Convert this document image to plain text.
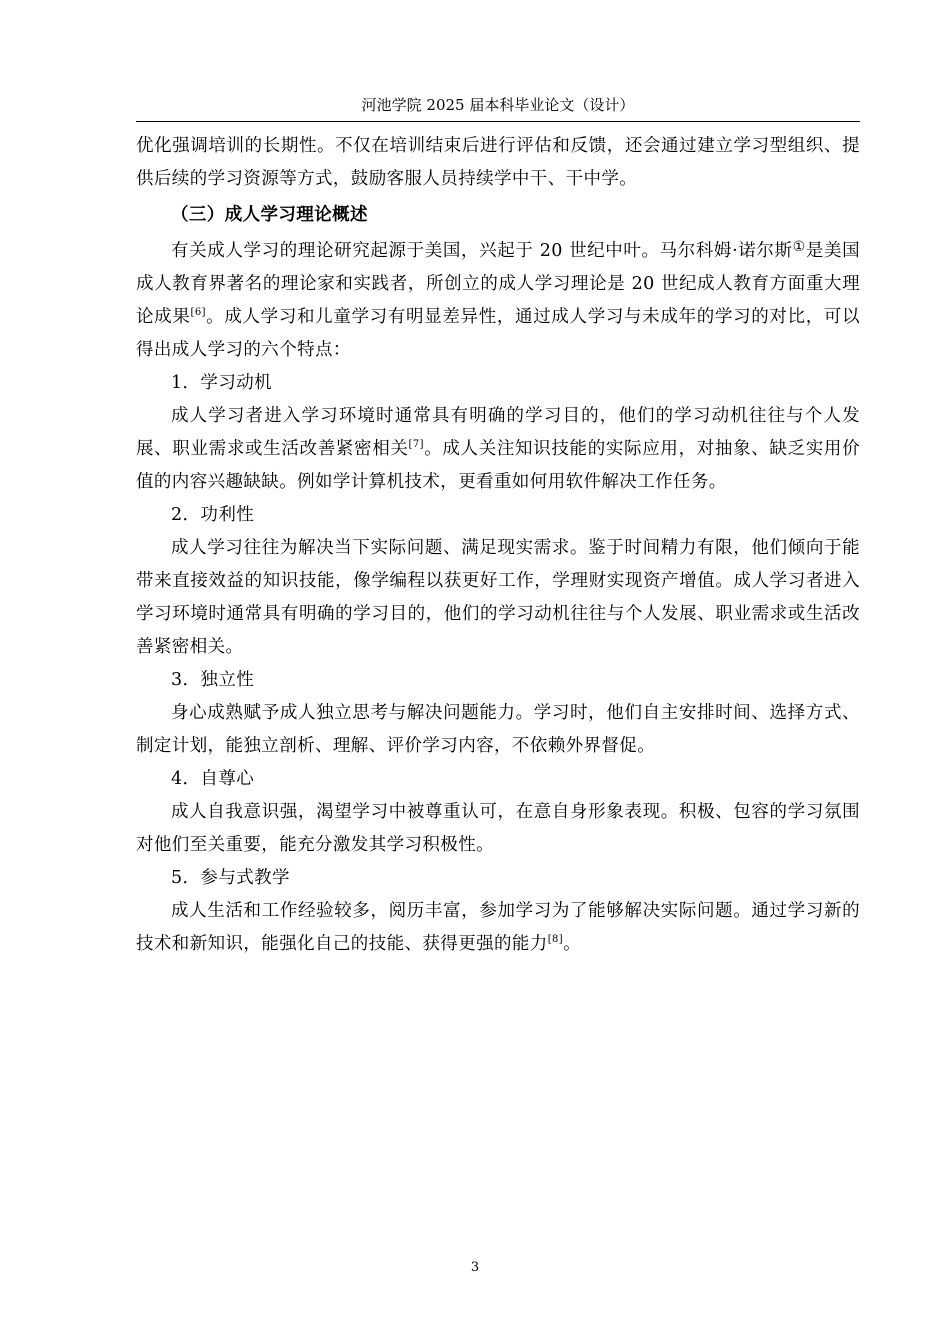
河池学院 2025 届本科毕业论文（设计）

优化强调培训的长期性。不仅在培训结束后进行评估和反馈，还会通过建立学习型组织、提供后续的学习资源等方式，鼓励客服人员持续学中干、干中学。

（三）成人学习理论概述

有关成人学习的理论研究起源于美国，兴起于 20 世纪中叶。马尔科姆·诺尔斯①是美国成人教育界著名的理论家和实践者，所创立的成人学习理论是 20 世纪成人教育方面重大理论成果[6]。成人学习和儿童学习有明显差异性，通过成人学习与未成年的学习的对比，可以得出成人学习的六个特点：

1．学习动机

成人学习者进入学习环境时通常具有明确的学习目的，他们的学习动机往往与个人发展、职业需求或生活改善紧密相关[7]。成人关注知识技能的实际应用，对抽象、缺乏实用价值的内容兴趣缺缺。例如学计算机技术，更看重如何用软件解决工作任务。

2．功利性

成人学习往往为解决当下实际问题、满足现实需求。鉴于时间精力有限，他们倾向于能带来直接效益的知识技能，像学编程以获更好工作，学理财实现资产增值。成人学习者进入学习环境时通常具有明确的学习目的，他们的学习动机往往与个人发展、职业需求或生活改善紧密相关。

3．独立性

身心成熟赋予成人独立思考与解决问题能力。学习时，他们自主安排时间、选择方式、制定计划，能独立剖析、理解、评价学习内容，不依赖外界督促。

4．自尊心

成人自我意识强，渴望学习中被尊重认可，在意自身形象表现。积极、包容的学习氛围对他们至关重要，能充分激发其学习积极性。

5．参与式教学

成人生活和工作经验较多，阅历丰富，参加学习为了能够解决实际问题。通过学习新的技术和新知识，能强化自己的技能、获得更强的能力[8]。

3
